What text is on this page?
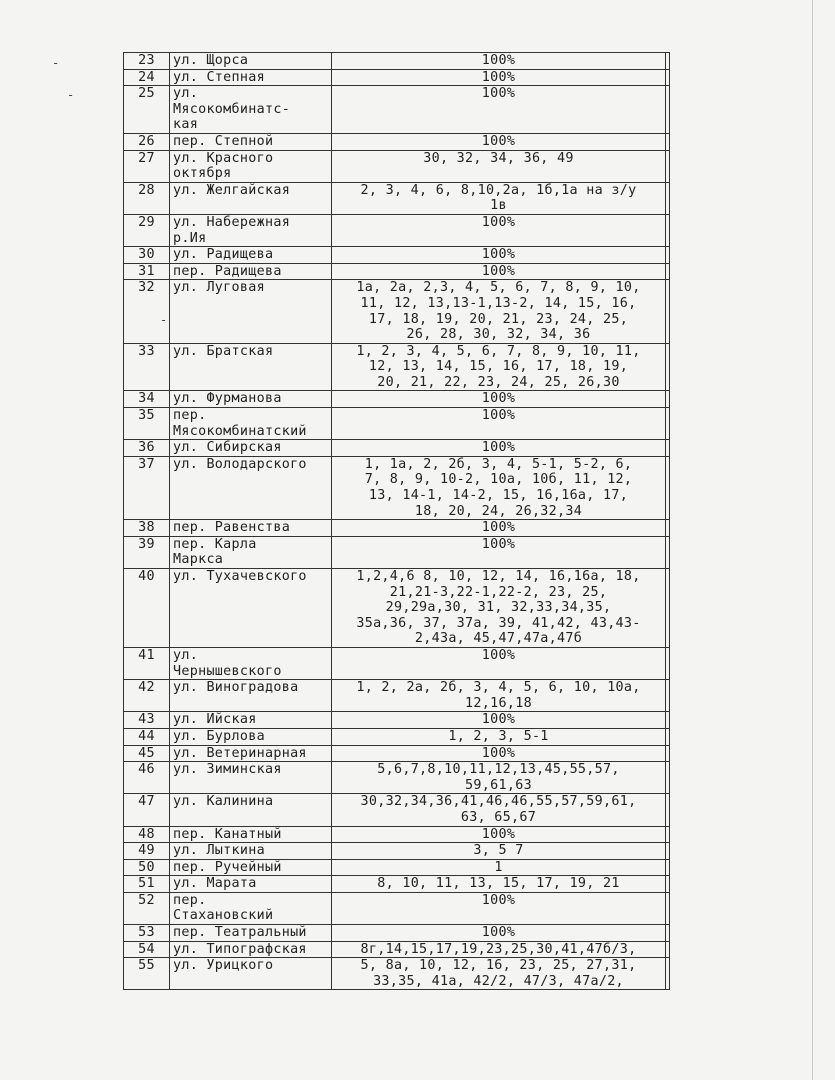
-
-
-
23	ул. Щорса	100%	
24	ул. Степная	100%	
25	ул.
Мясокомбинатс-
кая	100%	
26	пер. Степной	100%	
27	ул. Красного
октября	30, 32, 34, 36, 49	
28	ул. Желгайская	2, 3, 4, 6, 8,10,2а, 1б,1а на з/у
1в	
29	ул. Набережная
р.Ия	100%	
30	ул. Радищева	100%	
31	пер. Радищева	100%	
32	ул. Луговая	1а, 2а, 2,3, 4, 5, 6, 7, 8, 9, 10,
11, 12, 13,13-1,13-2, 14, 15, 16,
17, 18, 19, 20, 21, 23, 24, 25,
26, 28, 30, 32, 34, 36	
33	ул. Братская	1, 2, 3, 4, 5, 6, 7, 8, 9, 10, 11,
12, 13, 14, 15, 16, 17, 18, 19,
20, 21, 22, 23, 24, 25, 26,30	
34	ул. Фурманова	100%	
35	пер.
Мясокомбинатский	100%	
36	ул. Сибирская	100%	
37	ул. Володарского	1, 1а, 2, 2б, 3, 4, 5-1, 5-2, 6,
7, 8, 9, 10-2, 10а, 10б, 11, 12,
13, 14-1, 14-2, 15, 16,16а, 17,
18, 20, 24, 26,32,34	
38	пер. Равенства	100%	
39	пер. Карла
Маркса	100%	
40	ул. Тухачевского	1,2,4,6 8, 10, 12, 14, 16,16а, 18,
21,21-3,22-1,22-2, 23, 25,
29,29а,30, 31, 32,33,34,35,
35а,36, 37, 37а, 39, 41,42, 43,43-
2,43а, 45,47,47а,47б	
41	ул.
Чернышевского	100%	
42	ул. Виноградова	1, 2, 2а, 2б, 3, 4, 5, 6, 10, 10а,
12,16,18	
43	ул. Ийская	100%	
44	ул. Бурлова	1, 2, 3, 5-1	
45	ул. Ветеринарная	100%	
46	ул. Зиминская	5,6,7,8,10,11,12,13,45,55,57,
59,61,63	
47	ул. Калинина	30,32,34,36,41,46,46,55,57,59,61,
63, 65,67	
48	пер. Канатный	100%	
49	ул. Лыткина	3, 5 7	
50	пер. Ручейный	1	
51	ул. Марата	8, 10, 11, 13, 15, 17, 19, 21	
52	пер.
Стахановский	100%	
53	пер. Театральный	100%	
54	ул. Типографская	8г,14,15,17,19,23,25,30,41,47б/3,	
55	ул. Урицкого	5, 8а, 10, 12, 16, 23, 25, 27,31,
33,35, 41а, 42/2, 47/3, 47а/2,	
